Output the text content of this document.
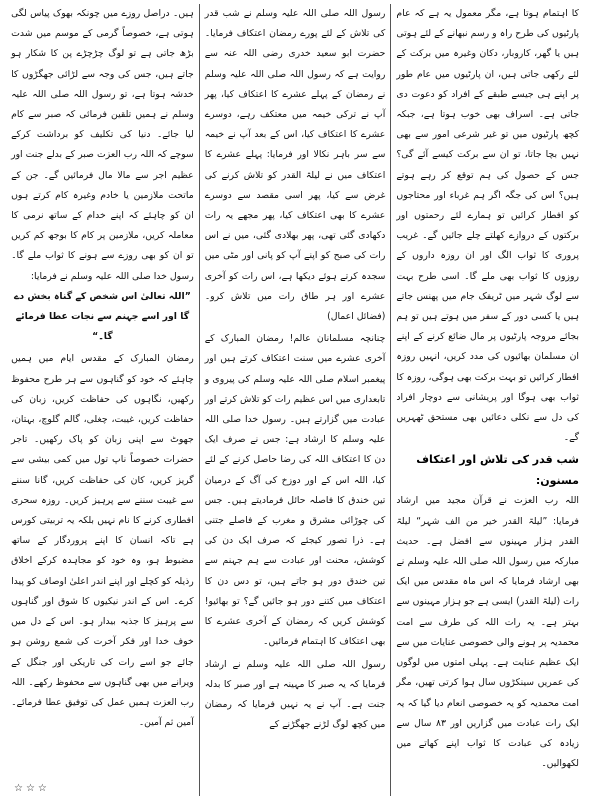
کا اہتمام ہوتا ہے، مگر معمول یہ ہے کہ عام پارٹیوں کی طرح راہ و رسم نبھانے کے لئے ہوتی ہیں یا گھر، کاروبار، دکان وغیرہ میں برکت کے لئے رکھی جاتی ہیں، ان پارٹیوں میں عام طور پر اپنے ہی جیسے طبقے کے افراد کو دعوت دی جاتی ہے۔ اسراف بھی خوب ہوتا ہے، جبکہ کچھ پارٹیوں میں تو غیر شرعی امور سے بھی نہیں بچا جاتا، تو ان سے برکت کیسے آئے گی؟ جس کے حصول کی ہم توقع کر رہے ہوتے ہیں؟ اس کی جگہ اگر ہم غرباء اور محتاجوں کو افطار کرائیں تو ہمارے لئے رحمتوں اور برکتوں کے دروازے کھلتے چلے جائیں گے۔ غریب پروری کا ثواب الگ اور ان روزہ داروں کے روزوں کا ثواب بھی ملے گا۔ اسی طرح بہت سے لوگ شہر میں ٹریفک جام میں پھنس جاتے ہیں یا کسی دور کے سفر میں ہوتے ہیں تو ہم بجائے مروجہ پارٹیوں پر مال ضائع کرنے کے اپنے ان مسلمان بھائیوں کی مدد کریں، انہیں روزہ افطار کرائیں تو بہت برکت بھی ہوگی، روزہ کا ثواب بھی ہوگا اور پریشانی سے دوچار افراد کی دل سے نکلی دعائیں بھی مستحق ٹھہریں گے۔

شب قدر کی تلاش اور اعتکاف مسنون:

اللہ رب العزت نے قرآن مجید میں ارشاد فرمایا: ”لیلۃ القدر خیر من الف شہر“ لیلۃ القدر ہزار مہینوں سے افضل ہے۔ حدیث مبارکہ میں رسول اللہ صلی اللہ علیہ وسلم نے بھی ارشاد فرمایا کہ اس ماہ مقدس میں ایک رات (لیلۃ القدر) ایسی ہے جو ہزار مہینوں سے بہتر ہے۔ یہ رات اللہ کی طرف سے امت محمدیہ پر ہونے والی خصوصی عنایات میں سے ایک عظیم عنایت ہے۔ پہلی امتوں میں لوگوں کی عمریں سینکڑوں سال ہوا کرتی تھیں، مگر امت محمدیہ کو یہ خصوصی انعام دیا گیا کہ یہ ایک رات عبادت میں گزاریں اور ۸۳ سال سے زیادہ کی عبادت کا ثواب اپنے کھاتے میں لکھوالیں۔

رسول اللہ صلی اللہ علیہ وسلم نے شب قدر کی تلاش کے لئے پورے رمضان اعتکاف فرمایا۔ حضرت ابو سعید خدری رضی اللہ عنہ سے روایت ہے کہ رسول اللہ صلی اللہ علیہ وسلم نے رمضان کے پہلے عشرے کا اعتکاف کیا، پھر آپ نے ترکی خیمہ میں معتکف رہے، دوسرے عشرے کا اعتکاف کیا، اس کے بعد آپ نے خیمہ سے سر باہر نکالا اور فرمایا: پہلے عشرے کا اعتکاف میں نے لیلۃ القدر کو تلاش کرنے کی غرض سے کیا، پھر اسی مقصد سے دوسرے عشرے کا بھی اعتکاف کیا، پھر مجھے یہ رات دکھادی گئی تھی، پھر بھلادی گئی، میں نے اس رات کی صبح کو اپنے آپ کو پانی اور مٹی میں سجدہ کرتے ہوئے دیکھا ہے، اس رات کو آخری عشرے اور ہر طاق رات میں تلاش کرو۔ (فضائل اعمال)

چنانچہ مسلمانان عالم! رمضان المبارک کے آخری عشرے میں سنت اعتکاف کرتے ہیں اور پیغمبر اسلام صلی اللہ علیہ وسلم کی پیروی و تابعداری میں اس عظیم رات کو تلاش کرتے اور عبادت میں گزارتے ہیں۔ رسول خدا صلی اللہ علیہ وسلم کا ارشاد ہے: جس نے صرف ایک دن کا اعتکاف اللہ کی رضا حاصل کرنے کے لئے کیا، اللہ اس کے اور دوزخ کی آگ کے درمیان تین خندق کا فاصلہ حائل فرمادیتے ہیں۔ جس کی چوڑائی مشرق و مغرب کے فاصلے جتنی ہے۔ ذرا تصور کیجئے کہ صرف ایک دن کی کوشش، محنت اور عبادت سے ہم جہنم سے تین خندق دور ہو جاتے ہیں، تو دس دن کا اعتکاف میں کتنے دور ہو جائیں گے؟ تو بھائیو! کوشش کریں کہ رمضان کے آخری عشرے کا بھی اعتکاف کا اہتمام فرمائیں۔

رسول اللہ صلی اللہ علیہ وسلم نے ارشاد فرمایا کہ یہ صبر کا مہینہ ہے اور صبر کا بدلہ جنت ہے۔ آپ نے یہ نہیں فرمایا کہ رمضان میں کچھ لوگ لڑنے جھگڑنے کے

ہیں۔ دراصل روزے میں چونکہ بھوک پیاس لگی ہوتی ہے، خصوصاً گرمی کے موسم میں شدت بڑھ جاتی ہے تو لوگ چڑچڑے پن کا شکار ہو جاتے ہیں، جس کی وجہ سے لڑائی جھگڑوں کا خدشہ ہوتا ہے، تو رسول اللہ صلی اللہ علیہ وسلم نے ہمیں تلقین فرمائی کہ صبر سے کام لیا جائے۔ دنیا کی تکلیف کو برداشت کرکے سوچے کہ اللہ رب العزت صبر کے بدلے جنت اور عظیم اجر سے مالا مال فرمائیں گے۔ جن کے ماتحت ملازمین یا خادم وغیرہ کام کرتے ہوں ان کو چاہئے کہ اپنے خدام کے ساتھ نرمی کا معاملہ کریں، ملازمین پر کام کا بوجھ کم کریں تو ان کو بھی روزے سے ہونے کا ثواب ملے گا۔ رسول خدا صلی اللہ علیہ وسلم نے فرمایا:

”اللہ تعالیٰ اس شخص کے گناہ بخش دے گا اور اسے جہنم سے نجات عطا فرمائے گا۔“

رمضان المبارک کے مقدس ایام میں ہمیں چاہئے کہ خود کو گناہوں سے ہر طرح محفوظ رکھیں، نگاہوں کی حفاظت کریں، زبان کی حفاظت کریں، غیبت، چغلی، گالم گلوچ، بہتان، جھوٹ سے اپنی زبان کو پاک رکھیں۔ تاجر حضرات خصوصاً ناپ تول میں کمی بیشی سے گریز کریں، کان کی حفاظت کریں، گانا سننے سے غیبت سننے سے پرہیز کریں۔ روزہ سحری افطاری کرنے کا نام نہیں بلکہ یہ تربیتی کورس ہے تاکہ انسان کا اپنے پروردگار کے ساتھ مضبوط ہو، وہ خود کو مجاہدہ کرکے اخلاق رذیلہ کو کچلے اور اپنے اندر اعلیٰ اوصاف کو پیدا کرے۔ اس کے اندر نیکیوں کا شوق اور گناہوں سے پرہیز کا جذبہ بیدار ہو۔ اس کے دل میں خوف خدا اور فکر آخرت کی شمع روشن ہو جائے جو اسے رات کی تاریکی اور جنگل کے ویرانے میں بھی گناہوں سے محفوظ رکھے۔ اللہ رب العزت ہمیں عمل کی توفیق عطا فرمائے۔ آمین ثم آمین۔

☆☆☆
